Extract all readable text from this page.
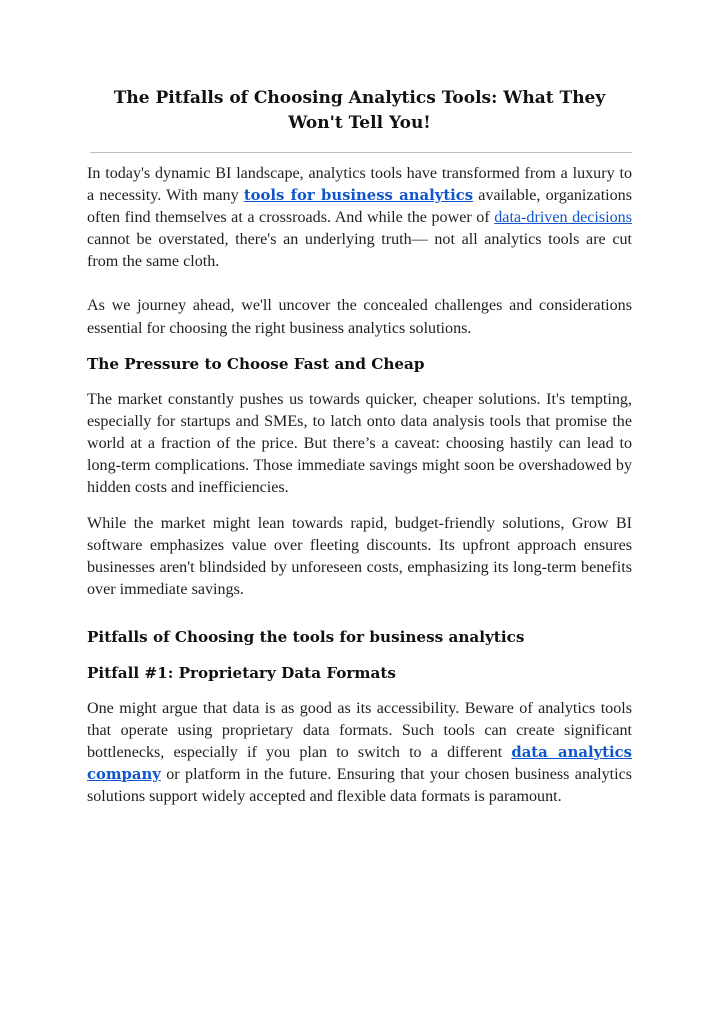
The Pitfalls of Choosing Analytics Tools: What They Won't Tell You!

In today's dynamic BI landscape, analytics tools have transformed from a luxury to a necessity. With many tools for business analytics available, organizations often find themselves at a crossroads. And while the power of data-driven decisions cannot be overstated, there's an underlying truth— not all analytics tools are cut from the same cloth.

As we journey ahead, we'll uncover the concealed challenges and considerations essential for choosing the right business analytics solutions.

The Pressure to Choose Fast and Cheap

The market constantly pushes us towards quicker, cheaper solutions. It's tempting, especially for startups and SMEs, to latch onto data analysis tools that promise the world at a fraction of the price. But there’s a caveat: choosing hastily can lead to long-term complications. Those immediate savings might soon be overshadowed by hidden costs and inefficiencies.

While the market might lean towards rapid, budget-friendly solutions, Grow BI software emphasizes value over fleeting discounts. Its upfront approach ensures businesses aren't blindsided by unforeseen costs, emphasizing its long-term benefits over immediate savings.

Pitfalls of Choosing the tools for business analytics
Pitfall #1: Proprietary Data Formats

One might argue that data is as good as its accessibility. Beware of analytics tools that operate using proprietary data formats. Such tools can create significant bottlenecks, especially if you plan to switch to a different data analytics company or platform in the future. Ensuring that your chosen business analytics solutions support widely accepted and flexible data formats is paramount.
